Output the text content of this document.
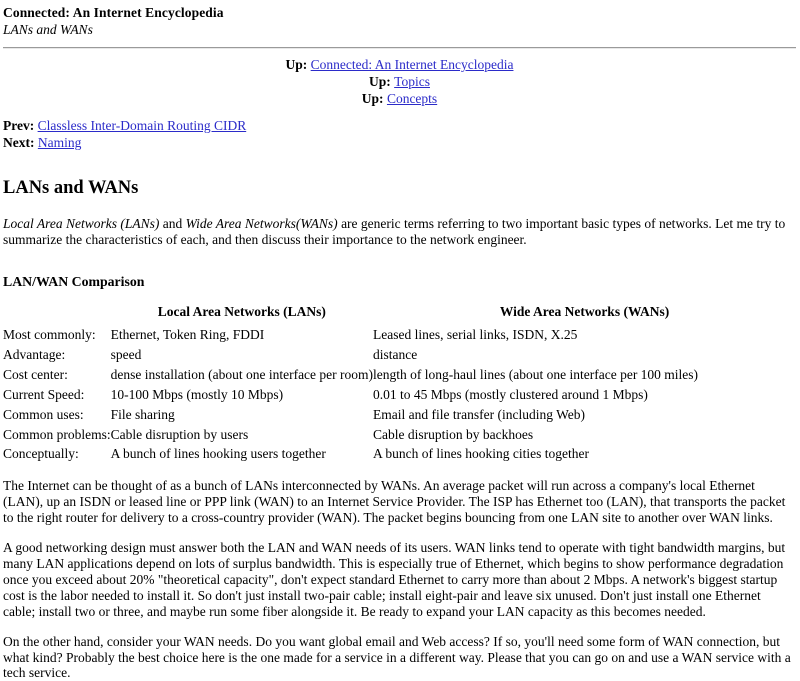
Connected: An Internet Encyclopedia
LANs and WANs
Up: Connected: An Internet Encyclopedia
Up: Topics
Up: Concepts
Prev: Classless Inter-Domain Routing CIDR
Next: Naming
LANs and WANs

Local Area Networks (LANs) and Wide Area Networks(WANs) are generic terms referring to two important basic types of networks. Let me try to summarize the characteristics of each, and then discuss their importance to the network engineer.

LAN/WAN Comparison
	Local Area Networks (LANs)	Wide Area Networks (WANs)
Most commonly:	Ethernet, Token Ring, FDDI	Leased lines, serial links, ISDN, X.25
Advantage:	speed	distance
Cost center:	dense installation (about one interface per room)	length of long-haul lines (about one interface per 100 miles)
Current Speed:	10-100 Mbps (mostly 10 Mbps)	0.01 to 45 Mbps (mostly clustered around 1 Mbps)
Common uses:	File sharing	Email and file transfer (including Web)
Common problems:	Cable disruption by users	Cable disruption by backhoes
Conceptually:	A bunch of lines hooking users together	A bunch of lines hooking cities together

The Internet can be thought of as a bunch of LANs interconnected by WANs. An average packet will run across a company's local Ethernet (LAN), up an ISDN or leased line or PPP link (WAN) to an Internet Service Provider. The ISP has Ethernet too (LAN), that transports the packet to the right router for delivery to a cross-country provider (WAN). The packet begins bouncing from one LAN site to another over WAN links.

A good networking design must answer both the LAN and WAN needs of its users. WAN links tend to operate with tight bandwidth margins, but many LAN applications depend on lots of surplus bandwidth. This is especially true of Ethernet, which begins to show performance degradation once you exceed about 20% "theoretical capacity", don't expect standard Ethernet to carry more than about 2 Mbps. A network's biggest startup cost is the labor needed to install it. So don't just install two-pair cable; install eight-pair and leave six unused. Don't just install one Ethernet cable; install two or three, and maybe run some fiber alongside it. Be ready to expand your LAN capacity as this becomes needed.

On the other hand, consider your WAN needs. Do you want global email and Web access? If so, you'll need some form of WAN connection, but what kind? Probably the best choice here is the one made for a service in a different way. Please that you can go on and use a WAN service with a tech service.
